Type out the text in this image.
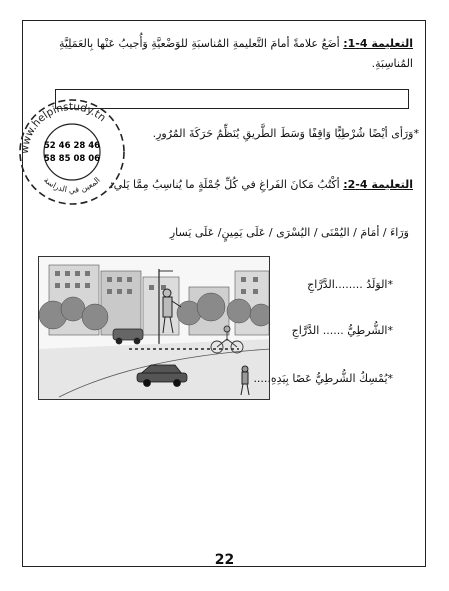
التعليمة 4-1: أضَعُ علامةً أمامَ التَّعليمةِ المُناسبَةِ للوَضْعيَّةِ وَأُجيبُ عَنْها بِالعَمَلِيَّةِ
المُناسِبَةِ.
*وَرَأى أيْضًا شُرْطِيًّا وَاقِفًا وَسَطَ الطَّريقِ يُنَظِّمُ حَرَكَةَ المُرُورِ.
www.helpinstudy.tn
52 46 28 46
58 85 08 06
المعين في الدراسة	التعليمة 4-2: أكْتُبُ مَكانَ الفَراغِ في كُلِّ جُمْلَةٍ ما يُناسِبُ مِمَّا يَلي:
وَرَاءَ / أمَامَ / اليُمْنَى / اليُسْرَى / عَلَى يَمِينٍ/ عَلَى يَسارِ
*الوَلَدُ ........الدَّرَّاجِ
*الشُّرطِيُّ ...... الدَّرَّاجِ
*يُمْسِكُ الشُّرطِيُّ عَصًا بِيَدِهِ.....
22
